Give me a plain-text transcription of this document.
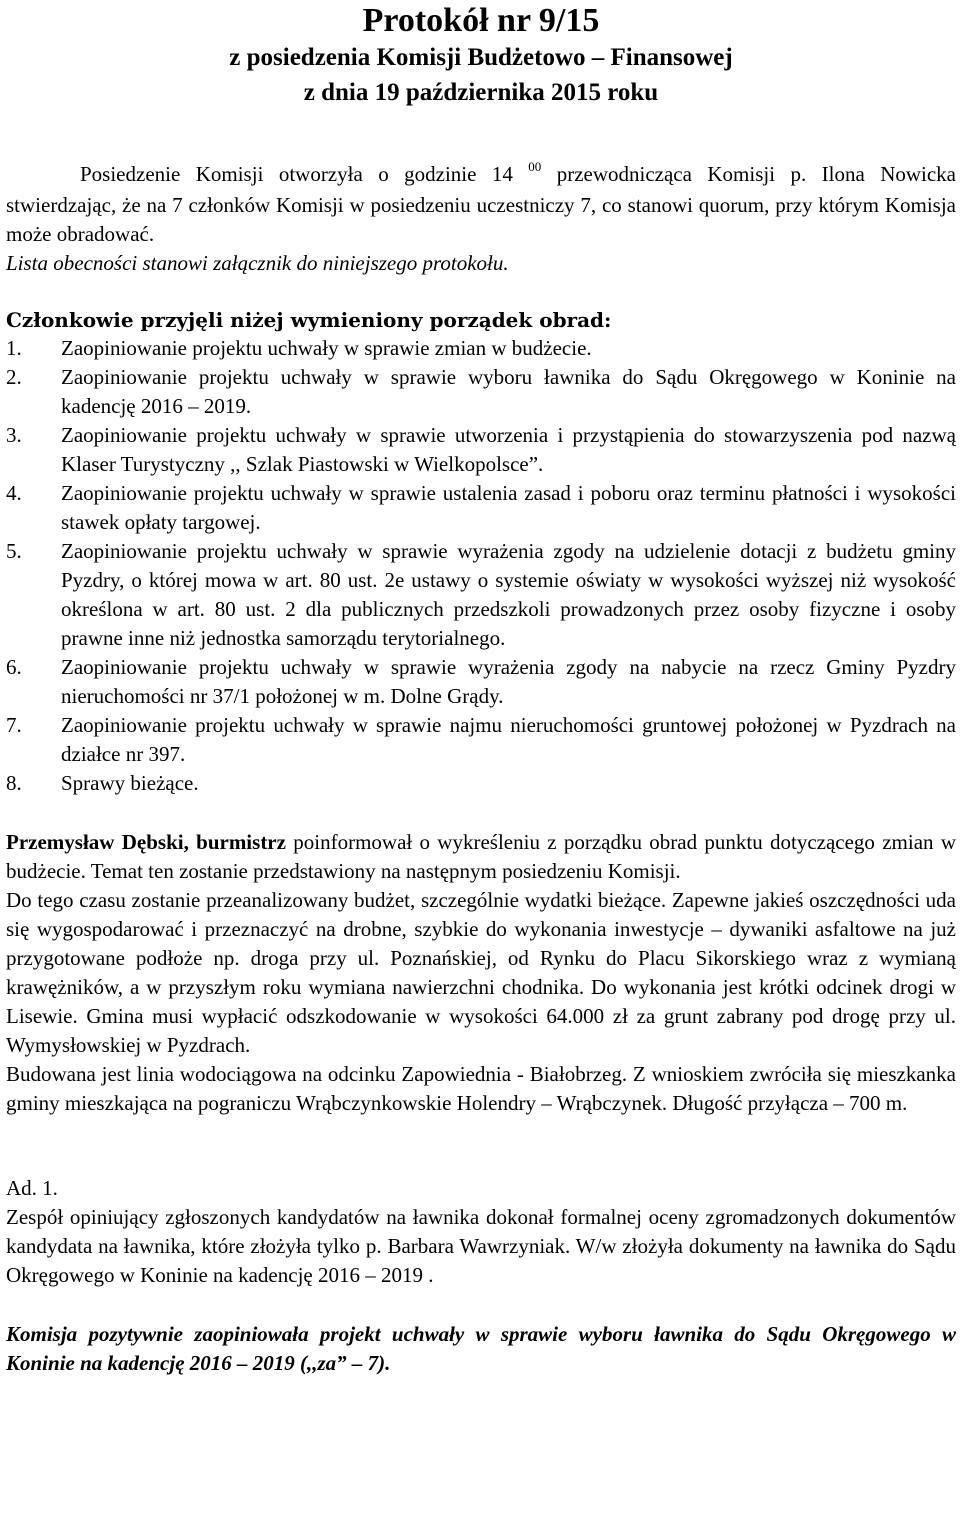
Protokół nr 9/15

z posiedzenia Komisji Budżetowo – Finansowej

z dnia 19 października 2015 roku

Posiedzenie Komisji otworzyła o godzinie 14 $^{00}$ przewodnicząca Komisji p. Ilona Nowicka stwierdzając, że na 7 członków Komisji w posiedzeniu uczestniczy 7, co stanowi quorum, przy którym Komisja może obradować.

Lista obecności stanowi załącznik do niniejszego protokołu.

Członkowie przyjęli niżej wymieniony porządek obrad:

1.	Zaopiniowanie projektu uchwały w sprawie zmian w budżecie.
2.	Zaopiniowanie projektu uchwały w sprawie wyboru ławnika do Sądu Okręgowego w Koninie na kadencję 2016 – 2019.
3.	Zaopiniowanie projektu uchwały w sprawie utworzenia i przystąpienia do stowarzyszenia pod nazwą Klaser Turystyczny ,, Szlak Piastowski w Wielkopolsce”.
4.	Zaopiniowanie projektu uchwały w sprawie ustalenia zasad i poboru oraz terminu płatności i wysokości stawek opłaty targowej.
5.	Zaopiniowanie projektu uchwały w sprawie wyrażenia zgody na udzielenie dotacji z budżetu gminy Pyzdry, o której mowa w art. 80 ust. 2e ustawy o systemie oświaty w wysokości wyższej niż wysokość określona w art. 80 ust. 2 dla publicznych przedszkoli prowadzonych przez osoby fizyczne i osoby prawne inne niż jednostka samorządu terytorialnego.
6.	Zaopiniowanie projektu uchwały w sprawie wyrażenia zgody na nabycie na rzecz Gminy Pyzdry nieruchomości nr 37/1 położonej w m. Dolne Grądy.
7.	Zaopiniowanie projektu uchwały w sprawie najmu nieruchomości gruntowej położonej w Pyzdrach na działce nr 397.
8.	Sprawy bieżące.

Przemysław Dębski, burmistrz poinformował o wykreśleniu z porządku obrad punktu dotyczącego zmian w budżecie. Temat ten zostanie przedstawiony na następnym posiedzeniu Komisji.

Do tego czasu zostanie przeanalizowany budżet, szczególnie wydatki bieżące. Zapewne jakieś oszczędności uda się wygospodarować i przeznaczyć na drobne, szybkie do wykonania inwestycje – dywaniki asfaltowe na już przygotowane podłoże np. droga przy ul. Poznańskiej, od Rynku do Placu Sikorskiego wraz z wymianą krawężników, a w przyszłym roku wymiana nawierzchni chodnika. Do wykonania jest krótki odcinek drogi w Lisewie. Gmina musi wypłacić odszkodowanie w wysokości 64.000 zł za grunt zabrany pod drogę przy ul. Wymysłowskiej w Pyzdrach.

Budowana jest linia wodociągowa na odcinku Zapowiednia - Białobrzeg. Z wnioskiem zwróciła się mieszkanka gminy mieszkająca na pograniczu Wrąbczynkowskie Holendry – Wrąbczynek. Długość przyłącza – 700 m.

Ad. 1.

Zespół opiniujący zgłoszonych kandydatów na ławnika dokonał formalnej oceny zgromadzonych dokumentów kandydata na ławnika, które złożyła tylko p. Barbara Wawrzyniak. W/w złożyła dokumenty na ławnika do Sądu Okręgowego w Koninie na kadencję 2016 – 2019 .

Komisja pozytywnie zaopiniowała projekt uchwały w sprawie wyboru ławnika do Sądu Okręgowego w Koninie na kadencję 2016 – 2019 (,,za” – 7).
